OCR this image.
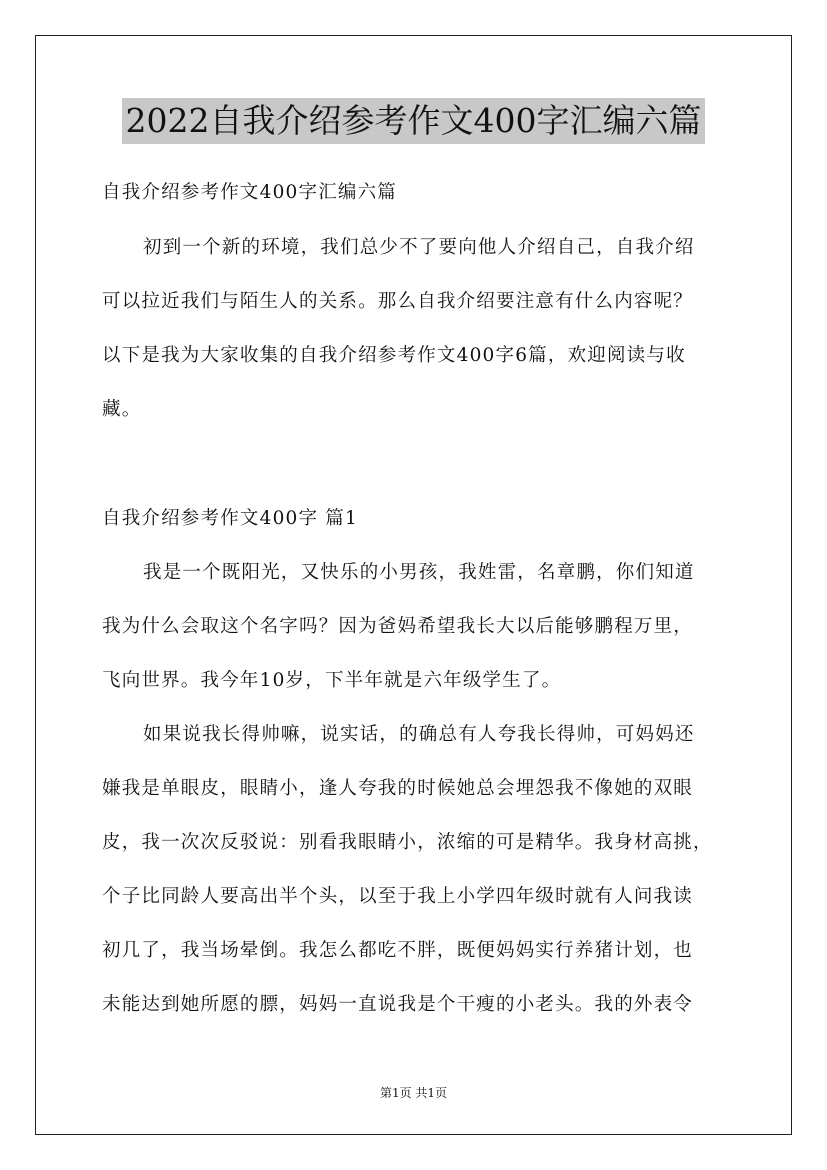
2022自我介绍参考作文400字汇编六篇
自我介绍参考作文400字汇编六篇
初到一个新的环境，我们总少不了要向他人介绍自己，自我介绍
可以拉近我们与陌生人的关系。那么自我介绍要注意有什么内容呢？
以下是我为大家收集的自我介绍参考作文400字6篇，欢迎阅读与收
藏。
自我介绍参考作文400字 篇1
我是一个既阳光，又快乐的小男孩，我姓雷，名章鹏，你们知道
我为什么会取这个名字吗？因为爸妈希望我长大以后能够鹏程万里，
飞向世界。我今年10岁，下半年就是六年级学生了。
如果说我长得帅嘛，说实话，的确总有人夸我长得帅，可妈妈还
嫌我是单眼皮，眼睛小，逢人夸我的时候她总会埋怨我不像她的双眼
皮，我一次次反驳说：别看我眼睛小，浓缩的可是精华。我身材高挑，
个子比同龄人要高出半个头，以至于我上小学四年级时就有人问我读
初几了，我当场晕倒。我怎么都吃不胖，既便妈妈实行养猪计划，也
未能达到她所愿的膘，妈妈一直说我是个干瘦的小老头。我的外表令
第1页 共1页
